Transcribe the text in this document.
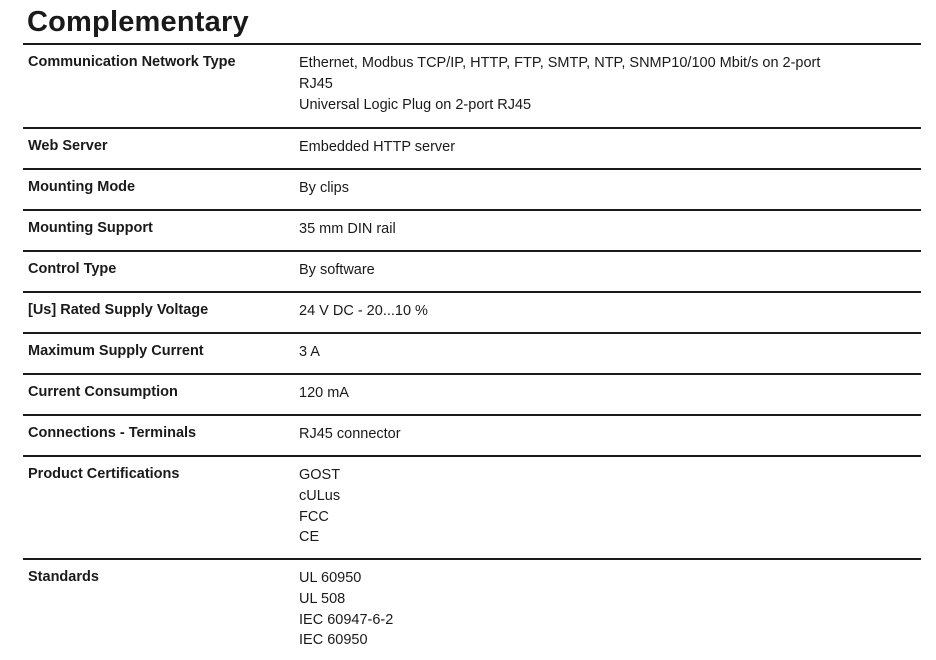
Complementary
Communication Network Type	Ethernet, Modbus TCP/IP, HTTP, FTP, SMTP, NTP, SNMP10/100 Mbit/s on 2-port
RJ45
Universal Logic Plug on 2-port RJ45
Web Server	Embedded HTTP server
Mounting Mode	By clips
Mounting Support	35 mm DIN rail
Control Type	By software
[Us] Rated Supply Voltage	24 V DC - 20...10 %
Maximum Supply Current	3 A
Current Consumption	120 mA
Connections - Terminals	RJ45 connector
Product Certifications	GOST
cULus
FCC
CE
Standards	UL 60950
UL 508
IEC 60947-6-2
IEC 60950
